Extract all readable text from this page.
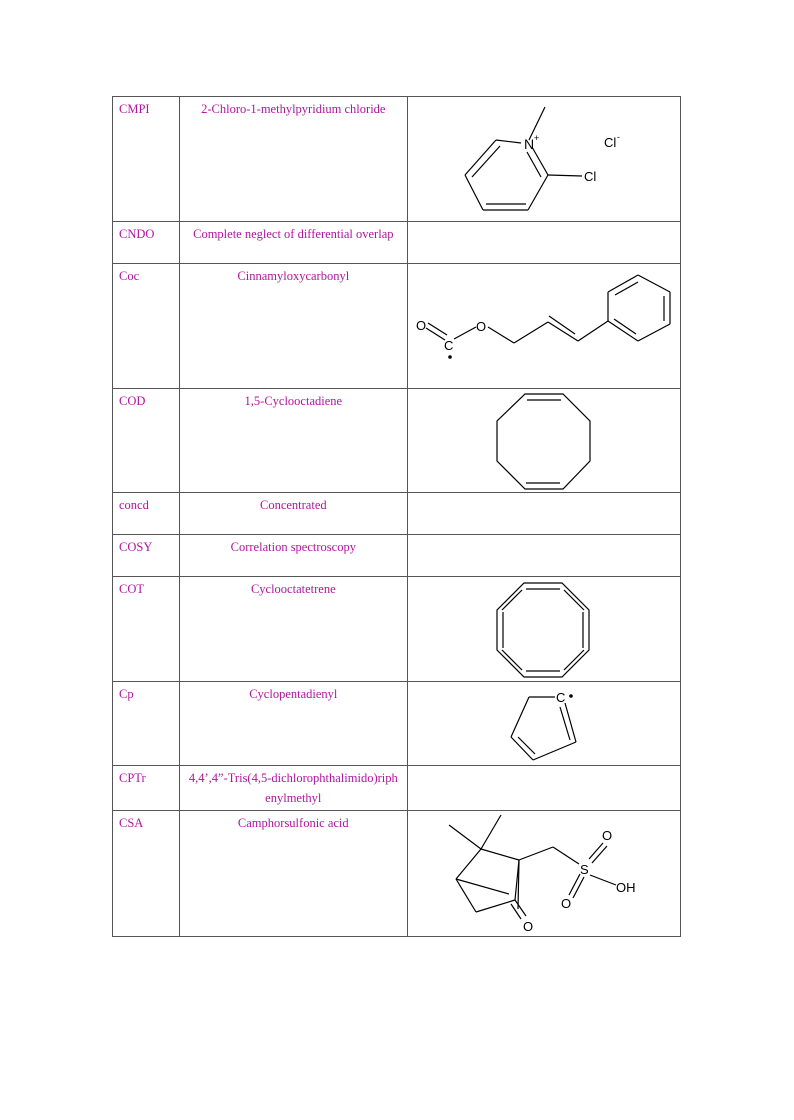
CMPI	2-Chloro-1-methylpyridium chloride	N + Cl -
Cl

CNDO	Complete neglect of differential overlap	
Coc	Cinnamyloxycarbonyl	O
C
O

COD	1,5-Cyclooctadiene	

concd	Concentrated	
COSY	Correlation spectroscopy	
COT	Cyclooctatetrene	

Cp	Cyclopentadienyl	C

CPTr	4,4’,4”-Tris(4,5-dichlorophthalimido)riphenylmethyl	
CSA	Camphorsulfonic acid	S
O
O
OH
O
